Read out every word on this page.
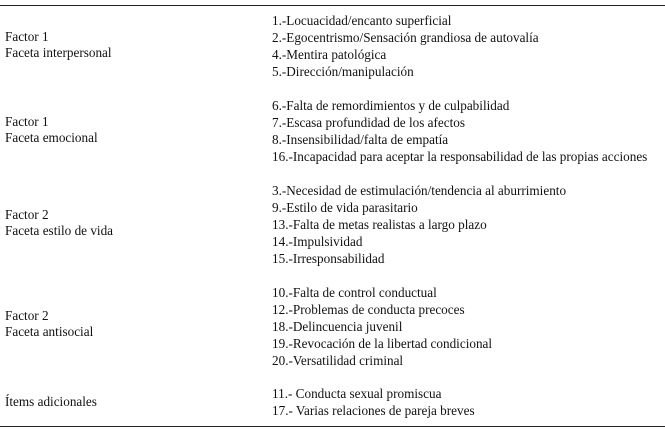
Factor 1
Faceta interpersonal
1.-Locuacidad/encanto superficial
2.-Egocentrismo/Sensación grandiosa de autovalía
4.-Mentira patológica
5.-Dirección/manipulación
Factor 1
Faceta emocional
6.-Falta de remordimientos y de culpabilidad
7.-Escasa profundidad de los afectos
8.-Insensibilidad/falta de empatía
16.-Incapacidad para aceptar la responsabilidad de las propias acciones
Factor 2
Faceta estilo de vida
3.-Necesidad de estimulación/tendencia al aburrimiento
9.-Estilo de vida parasitario
13.-Falta de metas realistas a largo plazo
14.-Impulsividad
15.-Irresponsabilidad
Factor 2
Faceta antisocial
10.-Falta de control conductual
12.-Problemas de conducta precoces
18.-Delincuencia juvenil
19.-Revocación de la libertad condicional
20.-Versatilidad criminal
Ítems adicionales
11.- Conducta sexual promiscua
17.- Varias relaciones de pareja breves
